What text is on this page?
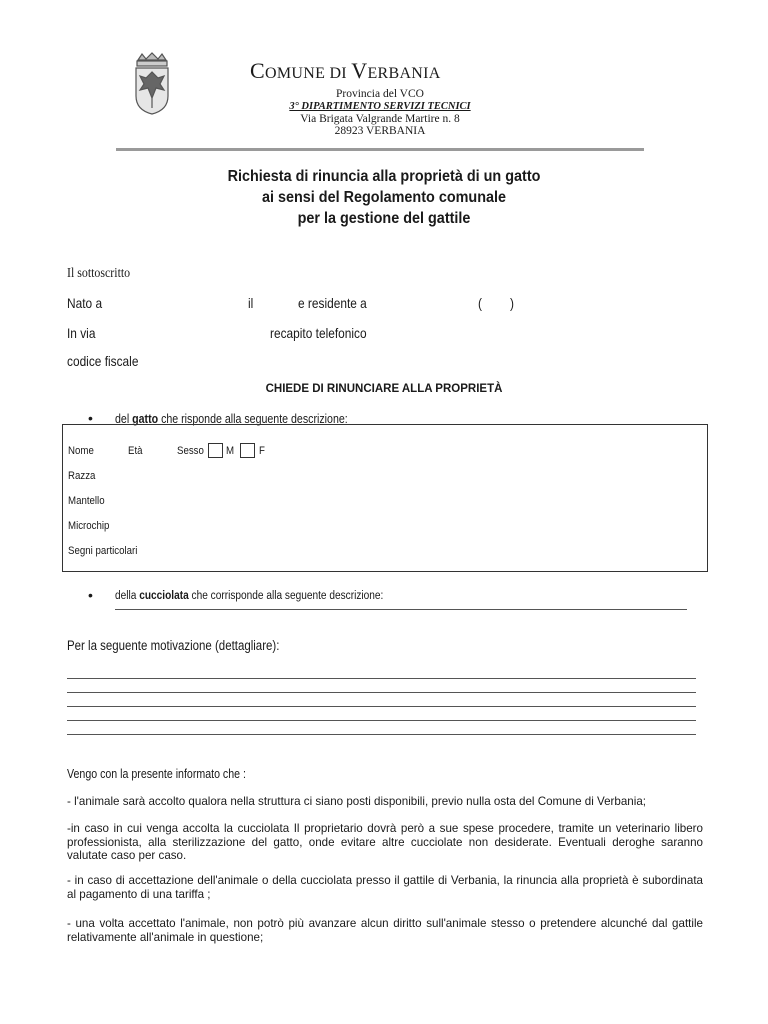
COMUNE DI VERBANIA
Provincia del VCO
3° DIPARTIMENTO SERVIZI TECNICI
Via Brigata Valgrande Martire n. 8
28923 VERBANIA
Richiesta di rinuncia alla proprietà di un gatto
ai sensi del Regolamento comunale
per la gestione del gattile
Il sottoscritto
Nato a	il	e residente a	( )
In via	recapito telefonico
codice fiscale
CHIEDE DI RINUNCIARE ALLA PROPRIETÀ
• del gatto che risponde alla seguente descrizione:
Nome	Età	Sesso M F
Razza
Mantello
Microchip
Segni particolari
• della cucciolata che corrisponde alla seguente descrizione:
Per la seguente motivazione (dettagliare):
Vengo con la presente informato che :
- l'animale sarà accolto qualora nella struttura ci siano posti disponibili, previo nulla osta del Comune di Verbania;
-in caso in cui venga accolta la cucciolata Il proprietario dovrà però a sue spese procedere, tramite un veterinario libero professionista, alla sterilizzazione del gatto, onde evitare altre cucciolate non desiderate. Eventuali deroghe saranno valutate caso per caso.
- in caso di accettazione dell'animale o della cucciolata presso il gattile di Verbania, la rinuncia alla proprietà è subordinata al pagamento di una tariffa ;
- una volta accettato l'animale, non potrò più avanzare alcun diritto sull'animale stesso o pretendere alcunché dal gattile relativamente all'animale in questione;
